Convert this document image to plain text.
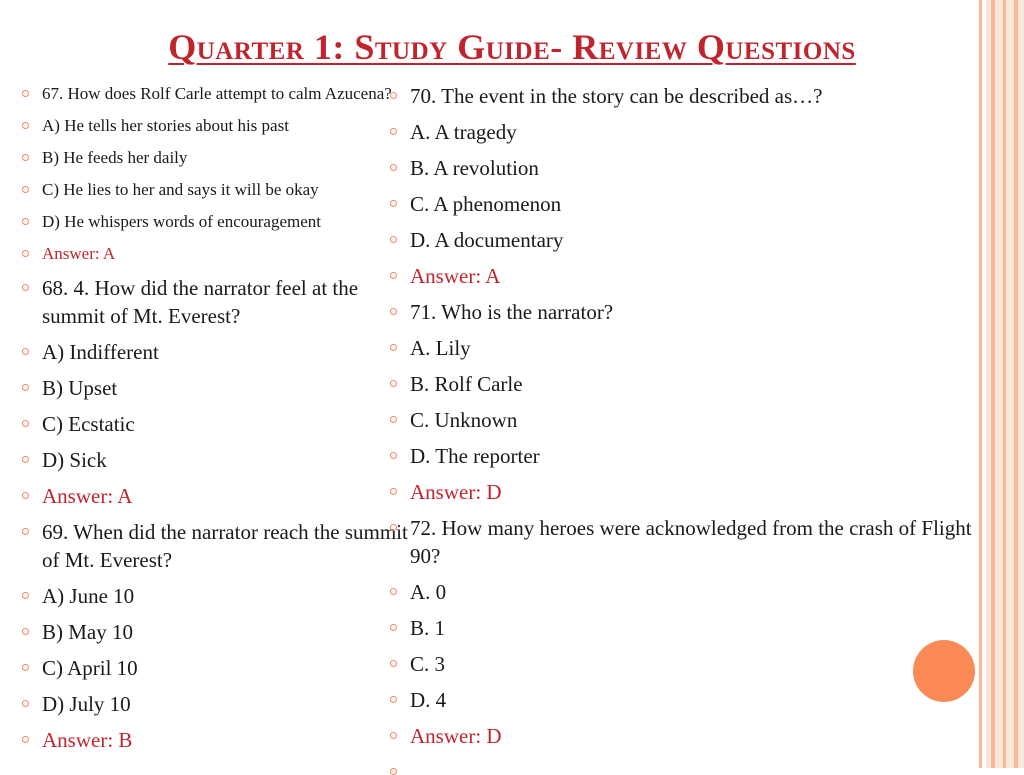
Quarter 1: Study Guide- Review Questions
67. How does Rolf Carle attempt to calm Azucena?
A) He tells her stories about his past
B) He feeds her daily
C) He lies to her and says it will be okay
D) He whispers words of encouragement
Answer: A
68. 4. How did the narrator feel at the summit of Mt. Everest?
A) Indifferent
B) Upset
C) Ecstatic
D) Sick
Answer: A
69. When did the narrator reach the summit of Mt. Everest?
A) June 10
B) May 10
C) April 10
D) July 10
Answer: B
70. The event in the story can be described as…?
A. A tragedy
B. A revolution
C. A phenomenon
D. A documentary
Answer: A
71. Who is the narrator?
A. Lily
B. Rolf Carle
C. Unknown
D. The reporter
Answer: D
72. How many heroes were acknowledged from the crash of Flight 90?
A. 0
B. 1
C. 3
D. 4
Answer: D
